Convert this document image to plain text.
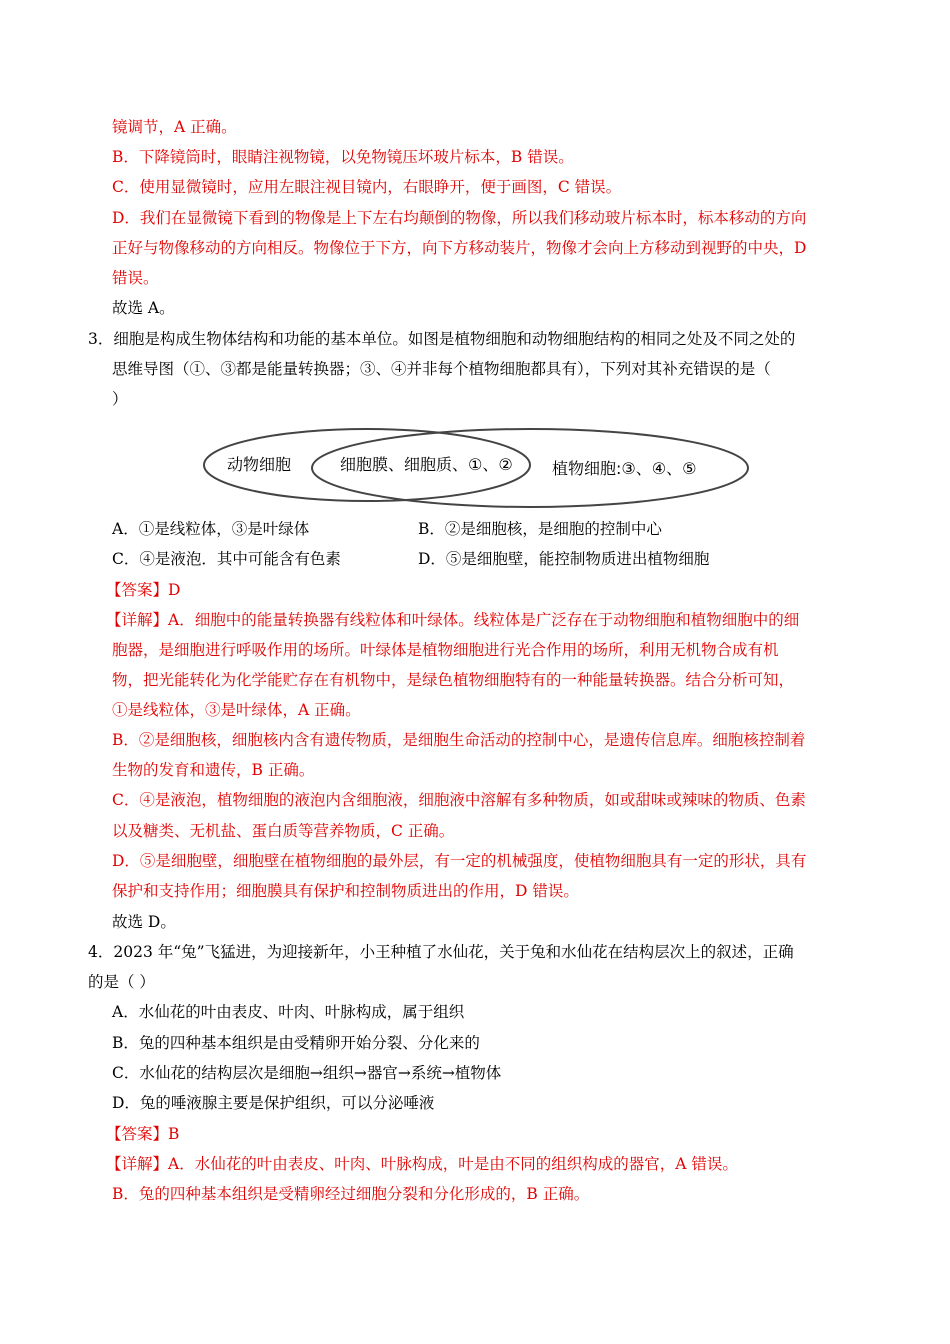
镜调节，A 正确。
B．下降镜筒时，眼睛注视物镜，以免物镜压坏玻片标本，B 错误。
C．使用显微镜时，应用左眼注视目镜内，右眼睁开，便于画图，C 错误。
D．我们在显微镜下看到的物像是上下左右均颠倒的物像，所以我们移动玻片标本时，标本移动的方向
正好与物像移动的方向相反。物像位于下方，向下方移动装片，物像才会向上方移动到视野的中央，D
错误。
故选 A。
3．细胞是构成生物体结构和功能的基本单位。如图是植物细胞和动物细胞结构的相同之处及不同之处的
思维导图（①、③都是能量转换器；③、④并非每个植物细胞都具有），下列对其补充错误的是（
）
动物细胞	细胞膜、细胞质、①、② 植物细胞:③、④、⑤
A．①是线粒体，③是叶绿体	B．②是细胞核，是细胞的控制中心
C．④是液泡．其中可能含有色素	D．⑤是细胞壁，能控制物质进出植物细胞
【答案】D
【详解】A．细胞中的能量转换器有线粒体和叶绿体。线粒体是广泛存在于动物细胞和植物细胞中的细
胞器，是细胞进行呼吸作用的场所。叶绿体是植物细胞进行光合作用的场所，利用无机物合成有机
物，把光能转化为化学能贮存在有机物中，是绿色植物细胞特有的一种能量转换器。结合分析可知，
①是线粒体，③是叶绿体，A 正确。
B．②是细胞核，细胞核内含有遗传物质，是细胞生命活动的控制中心，是遗传信息库。细胞核控制着
生物的发育和遗传，B 正确。
C．④是液泡，植物细胞的液泡内含细胞液，细胞液中溶解有多种物质，如或甜味或辣味的物质、色素
以及糖类、无机盐、蛋白质等营养物质，C 正确。
D．⑤是细胞壁，细胞壁在植物细胞的最外层，有一定的机械强度，使植物细胞具有一定的形状，具有
保护和支持作用；细胞膜具有保护和控制物质进出的作用，D 错误。
故选 D。
4．2023 年“兔”飞猛进，为迎接新年，小王种植了水仙花，关于兔和水仙花在结构层次上的叙述，正确
的是（ ）
A．水仙花的叶由表皮、叶肉、叶脉构成，属于组织
B．兔的四种基本组织是由受精卵开始分裂、分化来的
C．水仙花的结构层次是细胞→组织→器官→系统→植物体
D．兔的唾液腺主要是保护组织，可以分泌唾液
【答案】B
【详解】A．水仙花的叶由表皮、叶肉、叶脉构成，叶是由不同的组织构成的器官，A 错误。
B．兔的四种基本组织是受精卵经过细胞分裂和分化形成的，B 正确。
